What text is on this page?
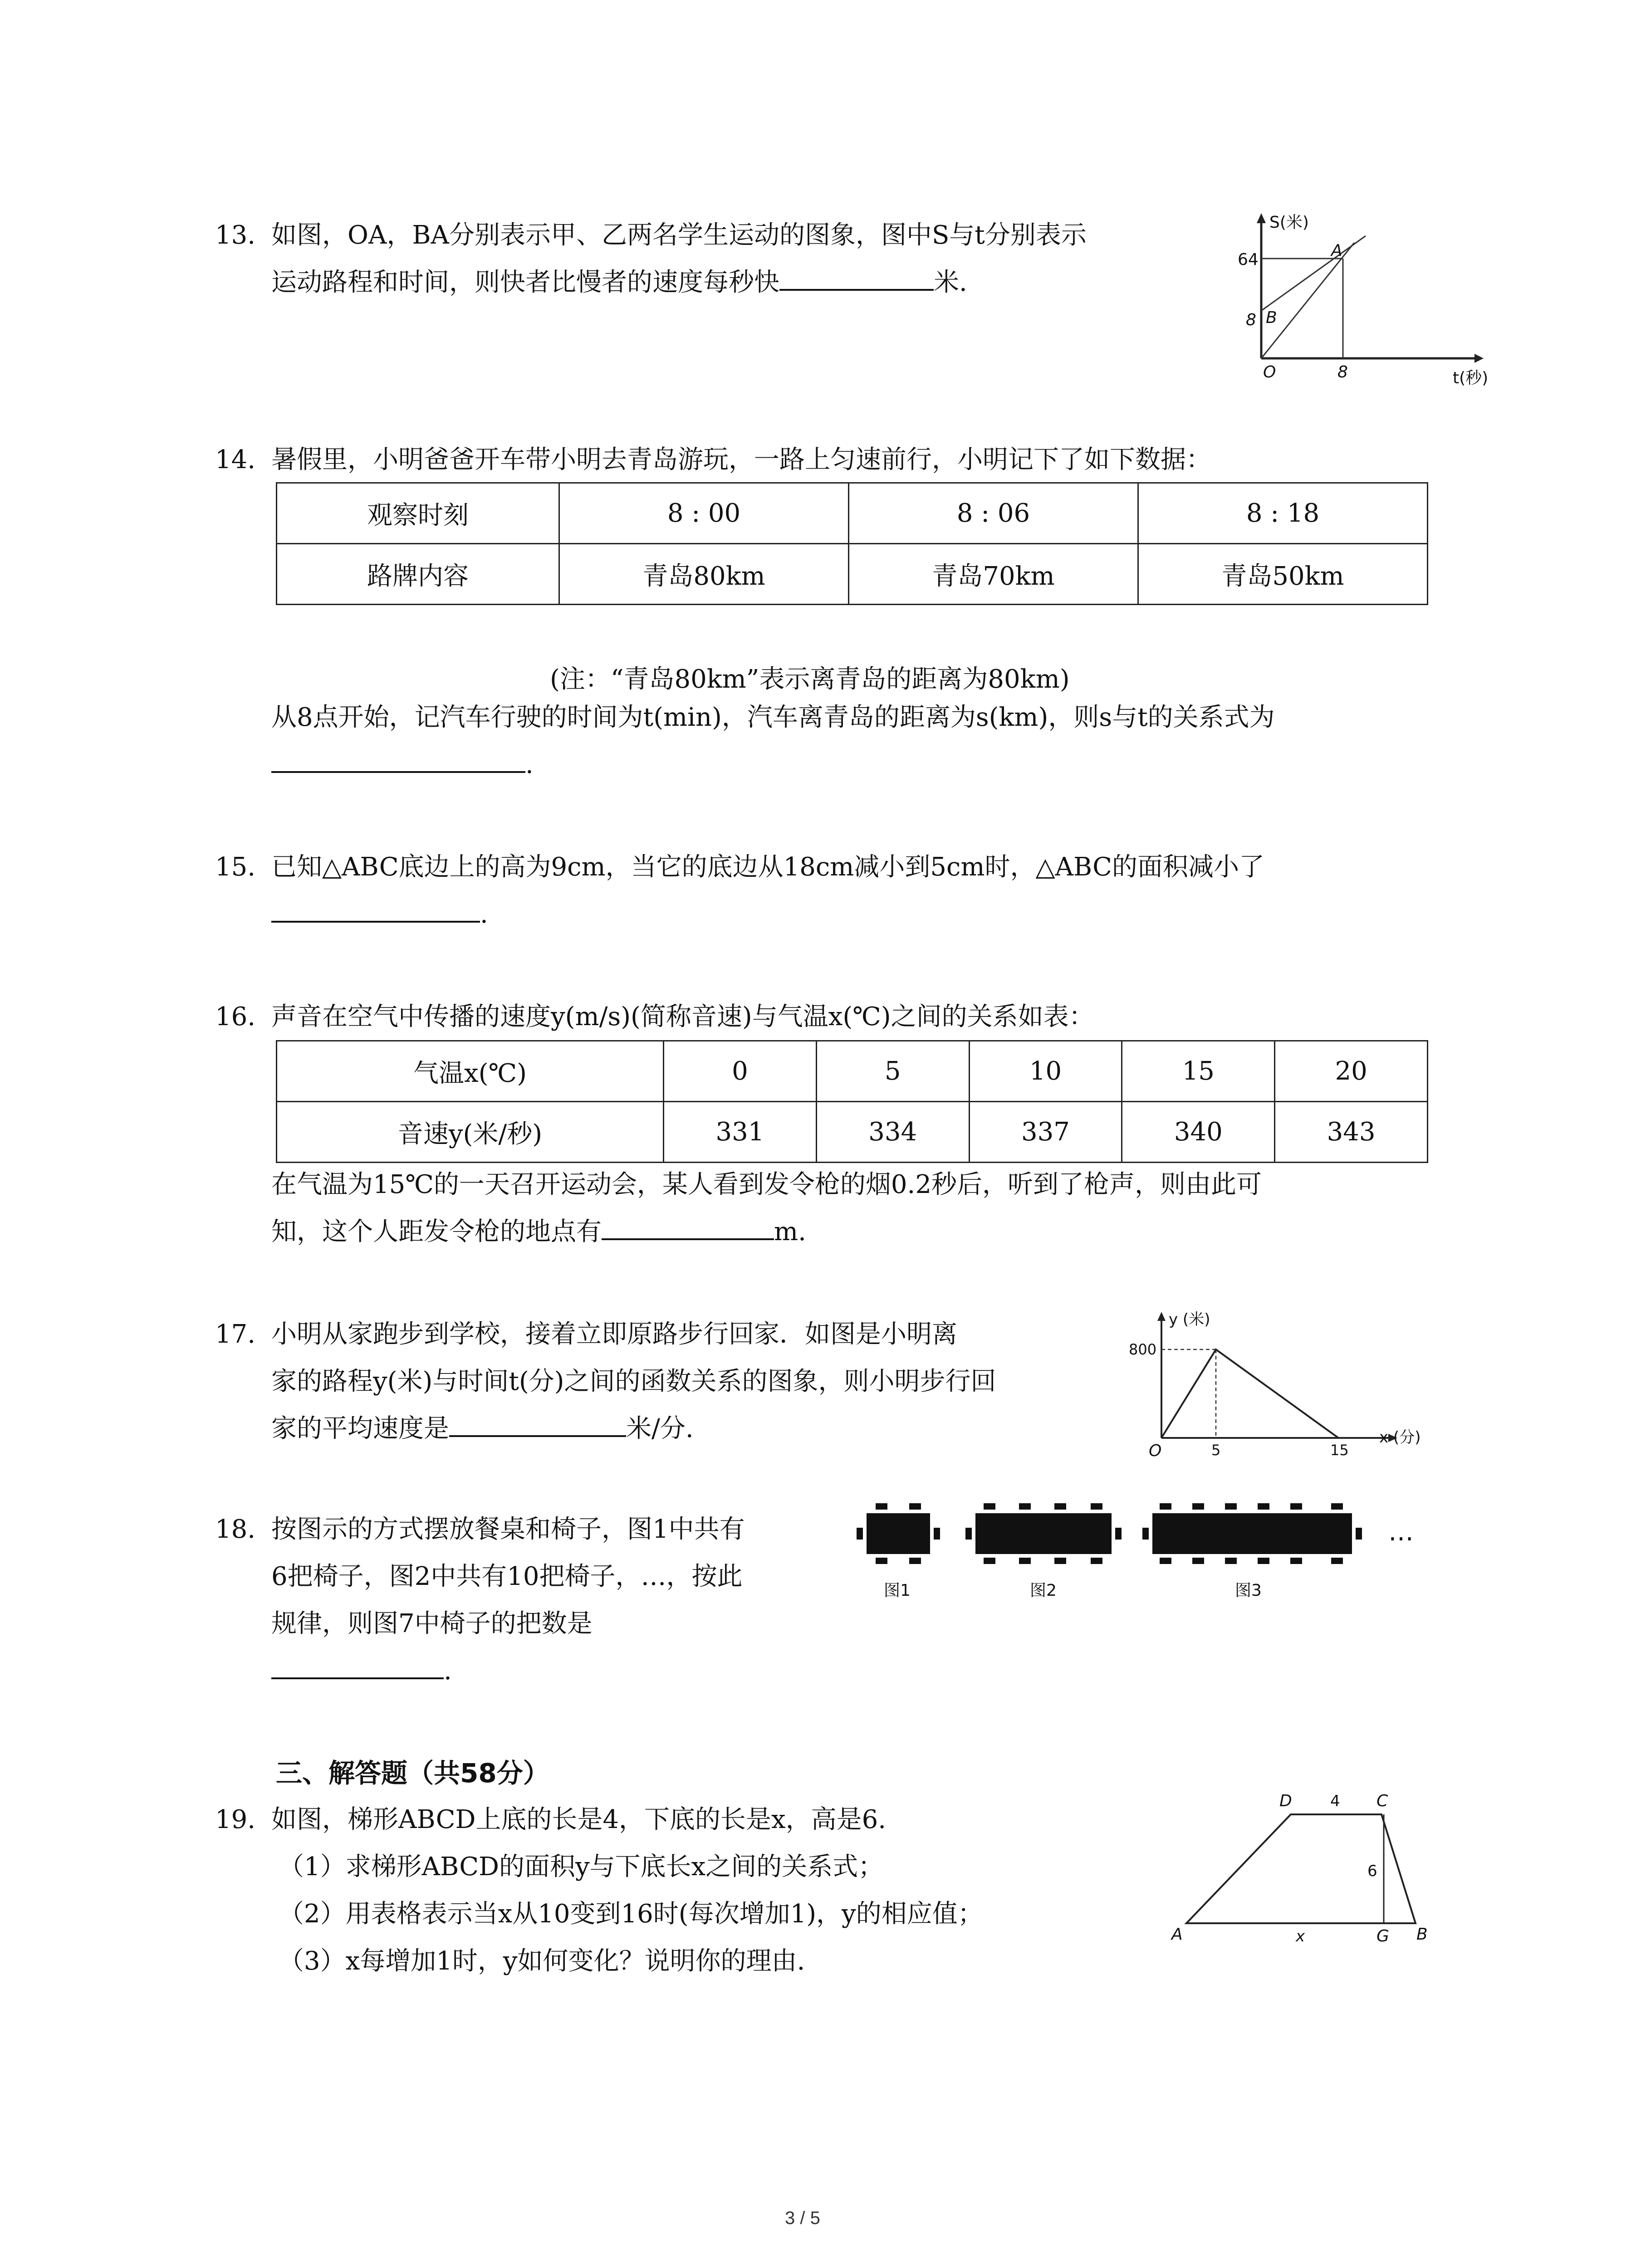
13. 如图，OA，BA分别表示甲、乙两名学生运动的图象，图中S与t分别表示
运动路程和时间，则快者比慢者的速度每秒快	米.
S(米)
64
8 B
A
O	8	t(秒)
14. 暑假里，小明爸爸开车带小明去青岛游玩，一路上匀速前行，小明记下了如下数据：
观察时刻	8 : 00	8 : 06	8 : 18
路牌内容	青岛80km	青岛70km	青岛50km
(注：“青岛80km”表示离青岛的距离为80km)
从8点开始，记汽车行驶的时间为t(min)，汽车离青岛的距离为s(km)，则s与t的关系式为
.
15. 已知△ABC底边上的高为9cm，当它的底边从18cm减小到5cm时，△ABC的面积减小了
.
16. 声音在空气中传播的速度y(m/s)(简称音速)与气温x(℃)之间的关系如表：
气温x(℃)	0	5	10	15	20
音速y(米/秒)	331	334	337	340	343
在气温为15℃的一天召开运动会，某人看到发令枪的烟0.2秒后，听到了枪声，则由此可
知，这个人距发令枪的地点有	m.
17. 小明从家跑步到学校，接着立即原路步行回家．如图是小明离
家的路程y(米)与时间t(分)之间的函数关系的图象，则小明步行回
家的平均速度是	米/分.
y (米)
800
O	5	15
x (分)
18. 按图示的方式摆放餐桌和椅子，图1中共有
6把椅子，图2中共有10把椅子，…，按此
规律，则图7中椅子的把数是
.
…
图1	图2	图3
三、解答题（共58分）
19. 如图，梯形ABCD上底的长是4，下底的长是x，高是6.
（1）求梯形ABCD的面积y与下底长x之间的关系式；
（2）用表格表示当x从10变到16时(每次增加1)，y的相应值；
（3）x每增加1时，y如何变化？说明你的理由.
D 4 C
6
A	x	G B
3 / 5
